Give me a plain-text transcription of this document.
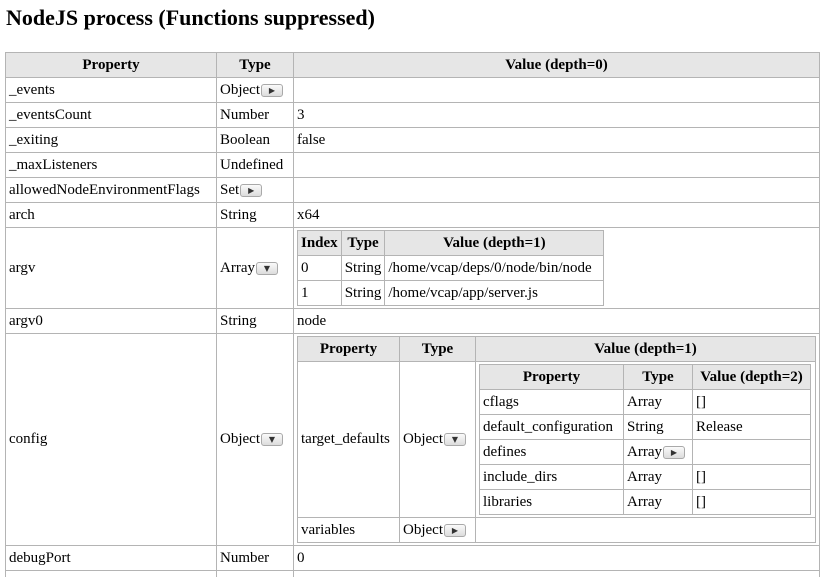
NodeJS process (Functions suppressed)
Property	Type	Value (depth=0)
_events	Object	▶

_eventsCount	Number	3
_exiting	Boolean	false
_maxListeners	Undefined	
allowedNodeEnvironmentFlags	Set	▶

arch	String	x64
argv	Array	▼

Index	Type	Value (depth=1)
0	String	/home/vcap/deps/0/node/bin/node
1	String	/home/vcap/app/server.js

argv0	String	node
config	Object	▼

Property	Type	Value (depth=1)
target_defaults	Object	▼

Property	Type	Value (depth=2)
cflags	Array	[]
default_configuration	String	Release
defines	Array	▶

include_dirs	Array	[]
libraries	Array	[]

variables	Object	▶

debugPort	Number	0
